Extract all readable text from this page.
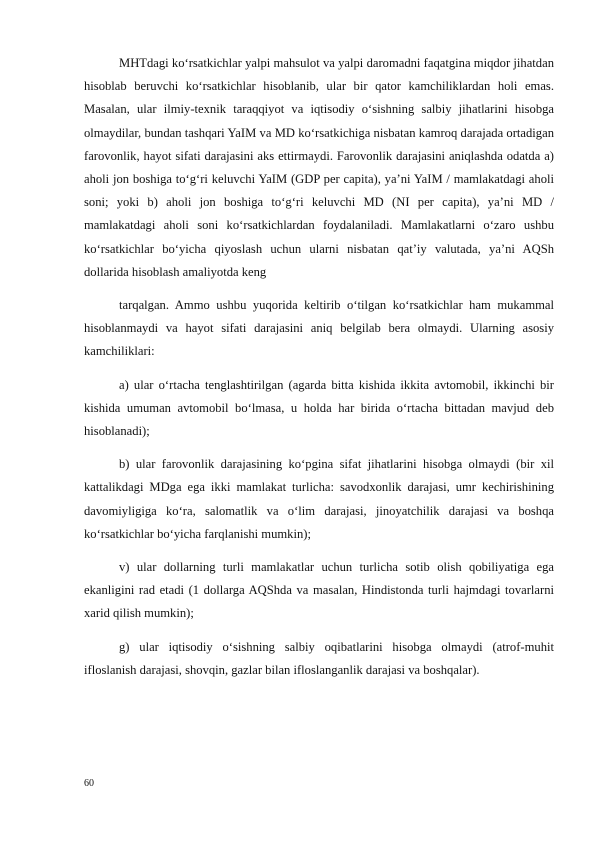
MHTdagi ko‘rsatkichlar yalpi mahsulot va yalpi daromadni faqatgina miqdor jihatdan hisoblab beruvchi ko‘rsatkichlar hisoblanib, ular bir qator kamchiliklardan holi emas. Masalan, ular ilmiy-texnik taraqqiyot va iqtisodiy o‘sishning salbiy jihatlarini hisobga olmaydilar, bundan tashqari YaIM va MD ko‘rsatkichiga nisbatan kamroq darajada ortadigan farovonlik, hayot sifati darajasini aks ettirmaydi. Farovonlik darajasini aniqlashda odatda a) aholi jon boshiga to‘g‘ri keluvchi YaIM (GDP per capita), ya’ni YaIM / mamlakatdagi aholi soni; yoki b) aholi jon boshiga to‘g‘ri keluvchi MD (NI per capita), ya’ni MD / mamlakatdagi aholi soni ko‘rsatkichlardan foydalaniladi. Mamlakatlarni o‘zaro ushbu ko‘rsatkichlar bo‘yicha qiyoslash uchun ularni nisbatan qat’iy valutada, ya’ni AQSh dollarida hisoblash amaliyotda keng

tarqalgan. Ammo ushbu yuqorida keltirib o‘tilgan ko‘rsatkichlar ham mukammal hisoblanmaydi va hayot sifati darajasini aniq belgilab bera olmaydi. Ularning asosiy kamchiliklari:

a) ular o‘rtacha tenglashtirilgan (agarda bitta kishida ikkita avtomobil, ikkinchi bir kishida umuman avtomobil bo‘lmasa, u holda har birida o‘rtacha bittadan mavjud deb hisoblanadi);

b) ular farovonlik darajasining ko‘pgina sifat jihatlarini hisobga olmaydi (bir xil kattalikdagi MDga ega ikki mamlakat turlicha: savodxonlik darajasi, umr kechirishining davomiyligiga ko‘ra, salomatlik va o‘lim darajasi, jinoyatchilik darajasi va boshqa ko‘rsatkichlar bo‘yicha farqlanishi mumkin);

v) ular dollarning turli mamlakatlar uchun turlicha sotib olish qobiliyatiga ega ekanligini rad etadi (1 dollarga AQShda va masalan, Hindistonda turli hajmdagi tovarlarni xarid qilish mumkin);

g) ular iqtisodiy o‘sishning salbiy oqibatlarini hisobga olmaydi (atrof-muhit ifloslanish darajasi, shovqin, gazlar bilan ifloslanganlik darajasi va boshqalar).

60
